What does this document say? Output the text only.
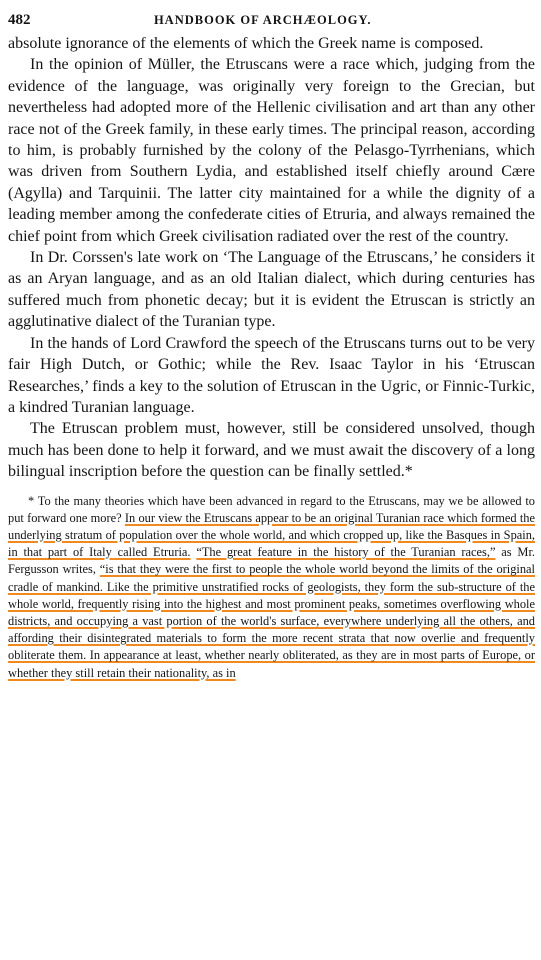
482	HANDBOOK OF ARCHÆOLOGY.

absolute ignorance of the elements of which the Greek name is composed.

In the opinion of Müller, the Etruscans were a race which, judging from the evidence of the language, was originally very foreign to the Grecian, but nevertheless had adopted more of the Hellenic civilisation and art than any other race not of the Greek family, in these early times. The principal reason, according to him, is probably furnished by the colony of the Pelasgo-Tyrrhenians, which was driven from Southern Lydia, and established itself chiefly around Cære (Agylla) and Tarquinii. The latter city maintained for a while the dignity of a leading member among the confederate cities of Etruria, and always remained the chief point from which Greek civilisation radiated over the rest of the country.

In Dr. Corssen's late work on ‘The Language of the Etruscans,’ he considers it as an Aryan language, and as an old Italian dialect, which during centuries has suffered much from phonetic decay; but it is evident the Etruscan is strictly an agglutinative dialect of the Turanian type.

In the hands of Lord Crawford the speech of the Etruscans turns out to be very fair High Dutch, or Gothic; while the Rev. Isaac Taylor in his ‘Etruscan Researches,’ finds a key to the solution of Etruscan in the Ugric, or Finnic-Turkic, a kindred Turanian language.

The Etruscan problem must, however, still be considered unsolved, though much has been done to help it forward, and we must await the discovery of a long bilingual inscription before the question can be finally settled.*

* To the many theories which have been advanced in regard to the Etruscans, may we be allowed to put forward one more? In our view the Etruscans appear to be an original Turanian race which formed the underlying stratum of population over the whole world, and which cropped up, like the Basques in Spain, in that part of Italy called Etruria. “The great feature in the history of the Turanian races,” as Mr. Fergusson writes, “is that they were the first to people the whole world beyond the limits of the original cradle of mankind. Like the primitive unstratified rocks of geologists, they form the sub-structure of the whole world, frequently rising into the highest and most prominent peaks, sometimes overflowing whole districts, and occupying a vast portion of the world's surface, everywhere underlying all the others, and affording their disintegrated materials to form the more recent strata that now overlie and frequently obliterate them. In appearance at least, whether nearly obliterated, as they are in most parts of Europe, or whether they still retain their nationality, as in
